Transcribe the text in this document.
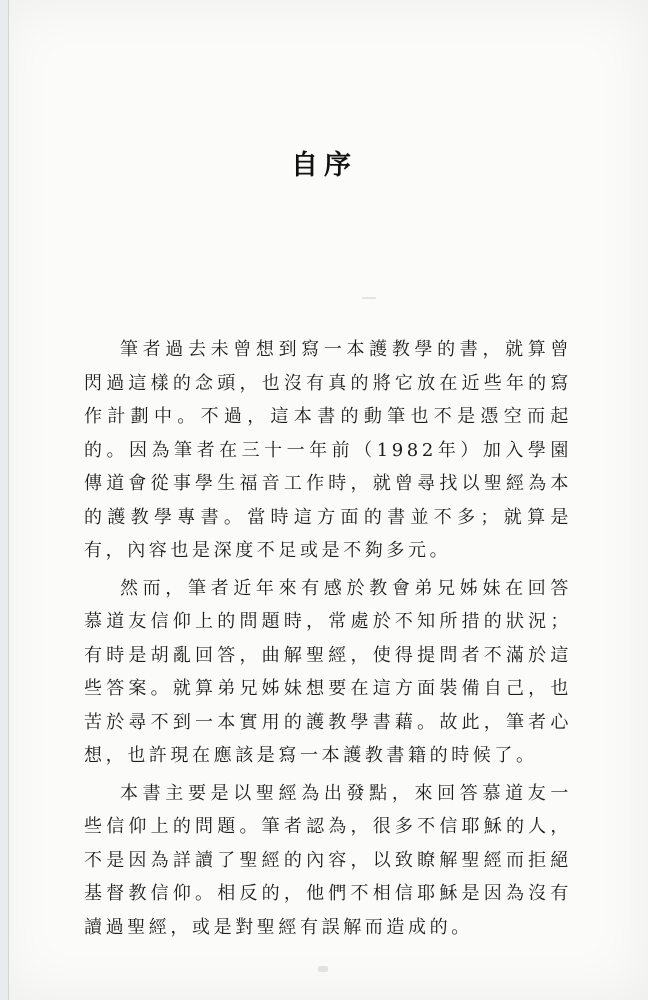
自序

筆者過去未曾想到寫一本護教學的書，就算曾閃過這樣的念頭，也沒有真的將它放在近些年的寫作計劃中。不過，這本書的動筆也不是憑空而起的。因為筆者在三十一年前（1982年）加入學園傳道會從事學生福音工作時，就曾尋找以聖經為本的護教學專書。當時這方面的書並不多；就算是有，內容也是深度不足或是不夠多元。

然而，筆者近年來有感於教會弟兄姊妹在回答慕道友信仰上的問題時，常處於不知所措的狀況；有時是胡亂回答，曲解聖經，使得提問者不滿於這些答案。就算弟兄姊妹想要在這方面裝備自己，也苦於尋不到一本實用的護教學書藉。故此，筆者心想，也許現在應該是寫一本護教書籍的時候了。

本書主要是以聖經為出發點，來回答慕道友一些信仰上的問題。筆者認為，很多不信耶穌的人，不是因為詳讀了聖經的內容，以致瞭解聖經而拒絕基督教信仰。相反的，他們不相信耶穌是因為沒有讀過聖經，或是對聖經有誤解而造成的。
